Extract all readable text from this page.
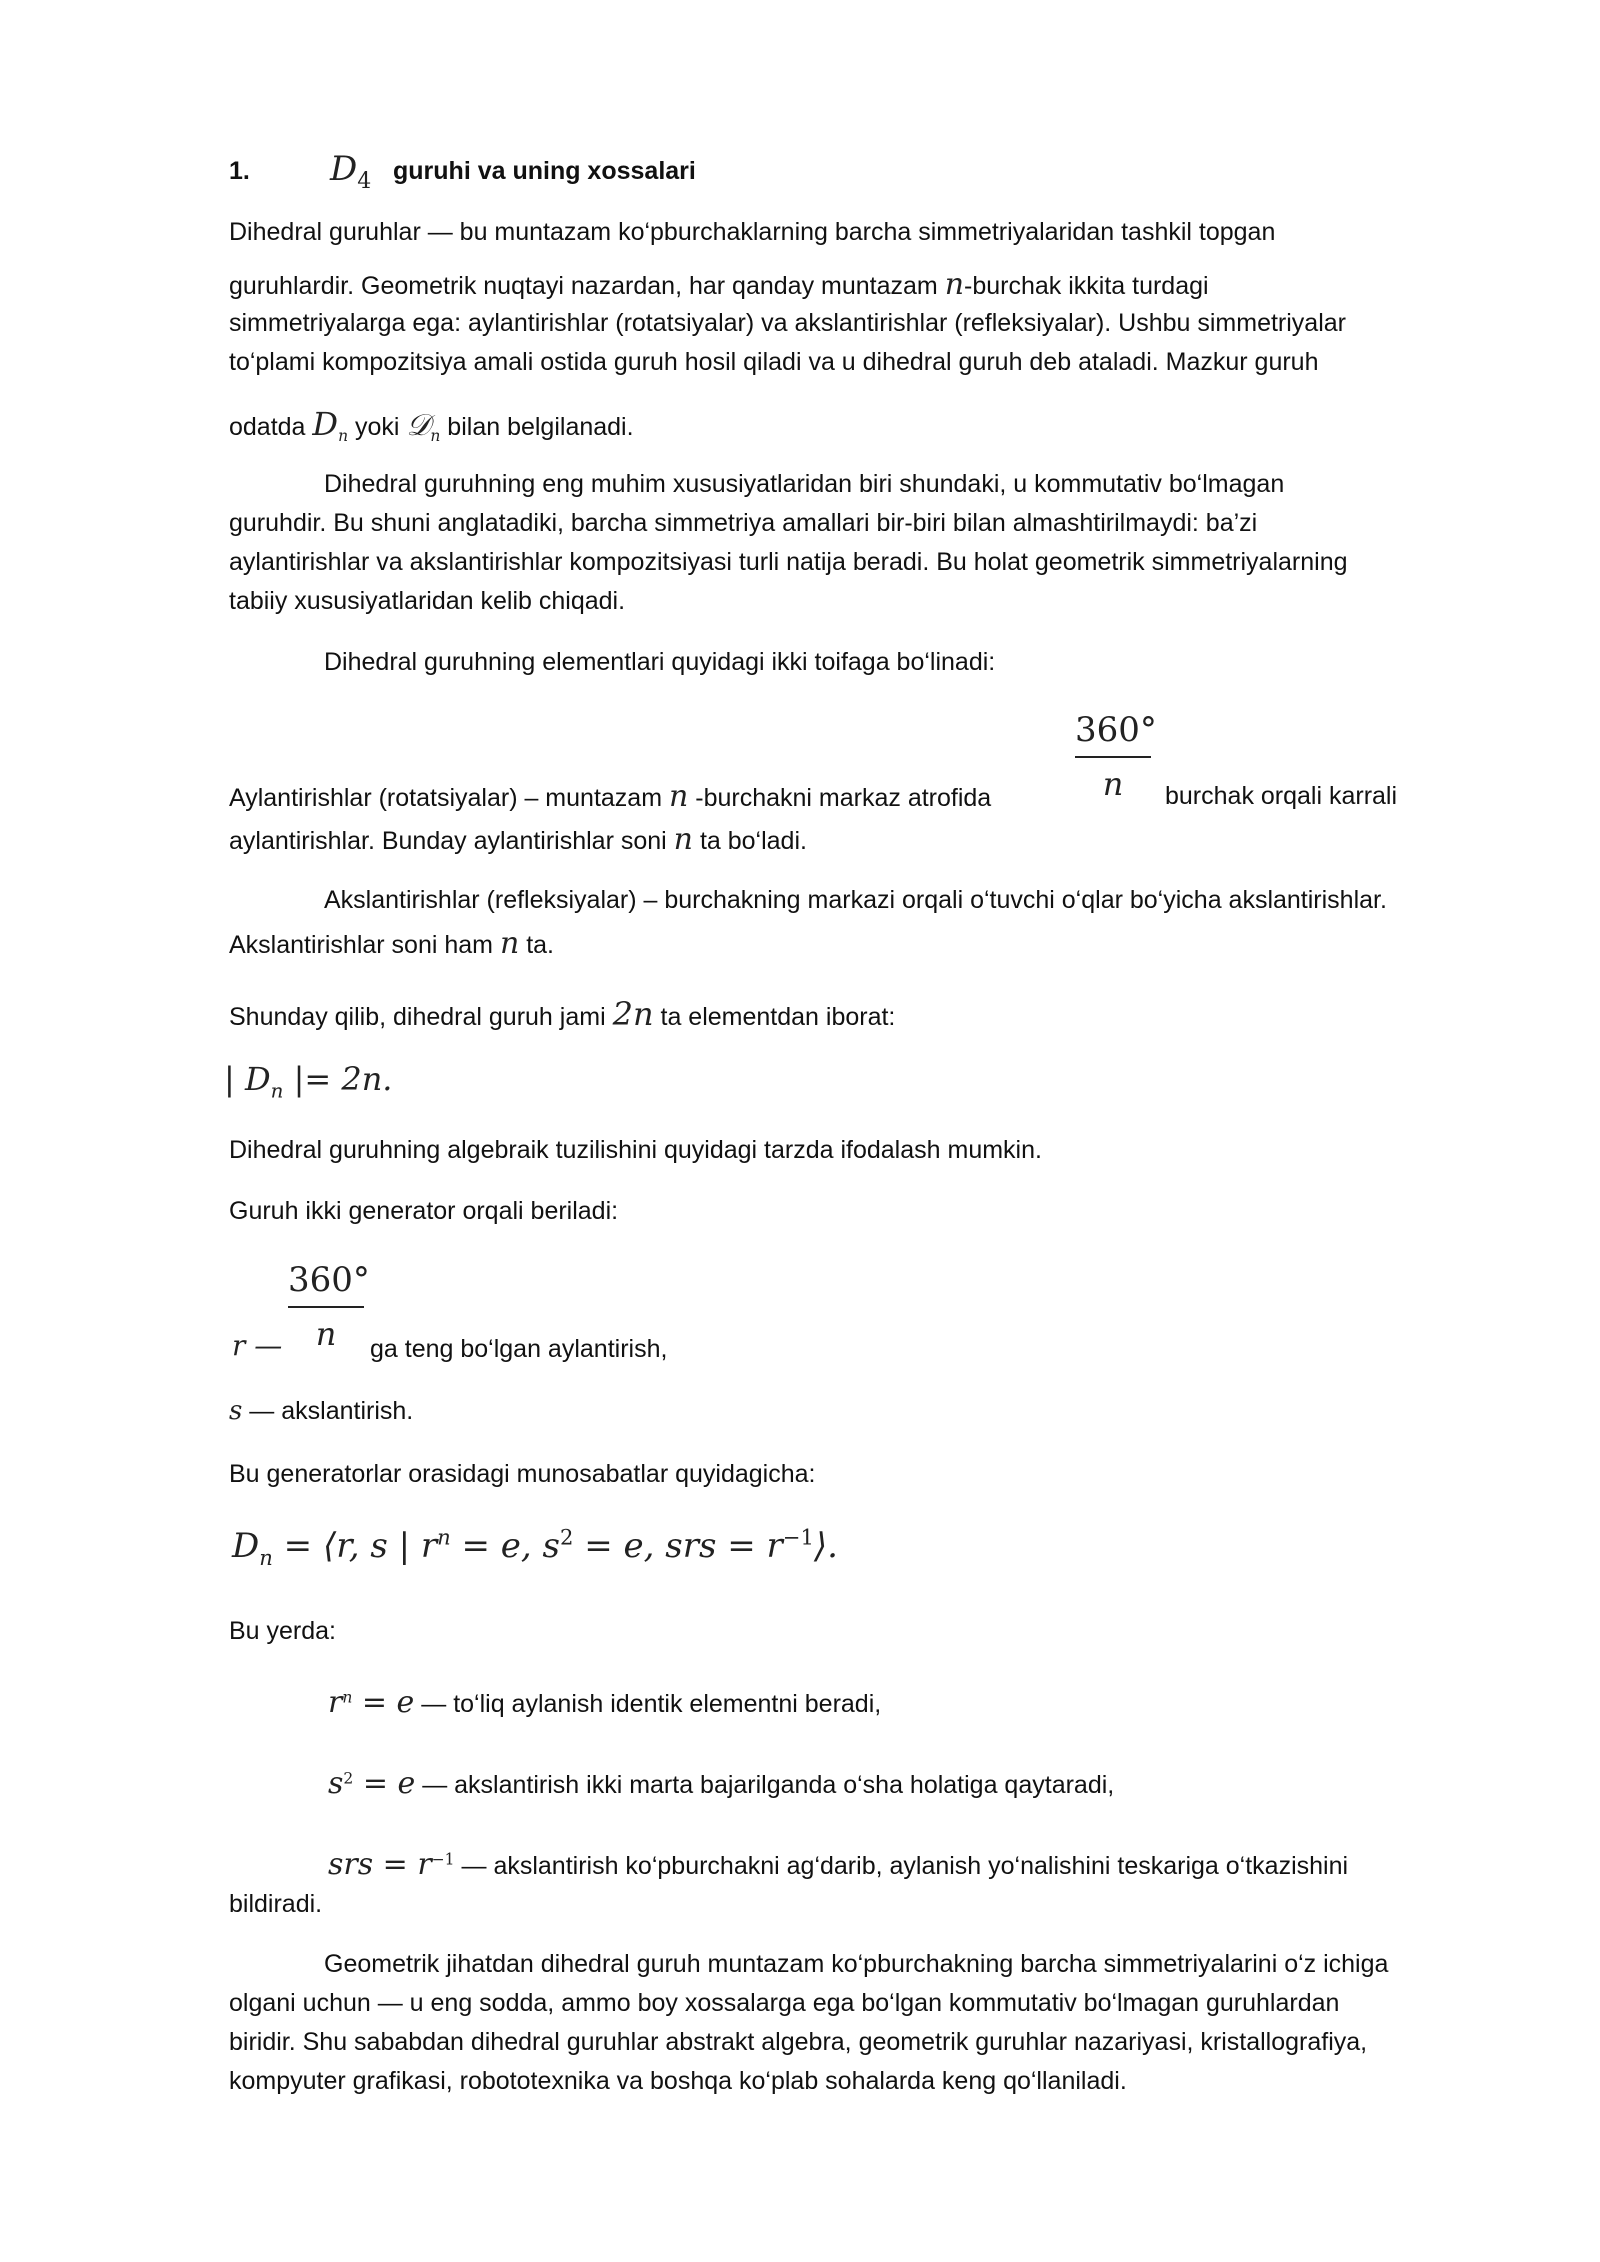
1. $D_4$ guruhi va uning xossalari
Dihedral guruhlar — bu muntazam ko‘pburchaklarning barcha simmetriyalaridan tashkil topgan
guruhlardir. Geometrik nuqtayi nazardan, har qanday muntazam n-burchak ikkita turdagi
simmetriyalarga ega: aylantirishlar (rotatsiyalar) va akslantirishlar (refleksiyalar). Ushbu simmetriyalar
to‘plami kompozitsiya amali ostida guruh hosil qiladi va u dihedral guruh deb ataladi. Mazkur guruh
odatda $D_n$ yoki 𝒟$_n$ bilan belgilanadi.
Dihedral guruhning eng muhim xususiyatlaridan biri shundaki, u kommutativ bo‘lmagan
guruhdir. Bu shuni anglatadiki, barcha simmetriya amallari bir-biri bilan almashtirilmaydi: ba’zi
aylantirishlar va akslantirishlar kompozitsiyasi turli natija beradi. Bu holat geometrik simmetriyalarning
tabiiy xususiyatlaridan kelib chiqadi.
Dihedral guruhning elementlari quyidagi ikki toifaga bo‘linadi:
360°
n
Aylantirishlar (rotatsiyalar) – muntazam n -burchakni markaz atrofida	burchak orqali karrali
aylantirishlar. Bunday aylantirishlar soni n ta bo‘ladi.
Akslantirishlar (refleksiyalar) – burchakning markazi orqali o‘tuvchi o‘qlar bo‘yicha akslantirishlar.
Akslantirishlar soni ham n ta.
Shunday qilib, dihedral guruh jami 2n ta elementdan iborat:
| $D_n$ |= 2n.
Dihedral guruhning algebraik tuzilishini quyidagi tarzda ifodalash mumkin.
Guruh ikki generator orqali beriladi:
360°
n
r —	ga teng bo‘lgan aylantirish,
s — akslantirish.
Bu generatorlar orasidagi munosabatlar quyidagicha:
$D_n$ = ⟨r, s | $r^n = e$, $s^2 = e$, srs = $r^{-1}⟩$.
Bu yerda:
$r^n = e$ — to‘liq aylanish identik elementni beradi,
$s^2 = e$ — akslantirish ikki marta bajarilganda o‘sha holatiga qaytaradi,
srs = $r^{-1}$ — akslantirish ko‘pburchakni ag‘darib, aylanish yo‘nalishini teskariga o‘tkazishini
bildiradi.
Geometrik jihatdan dihedral guruh muntazam ko‘pburchakning barcha simmetriyalarini o‘z ichiga
olgani uchun — u eng sodda, ammo boy xossalarga ega bo‘lgan kommutativ bo‘lmagan guruhlardan
biridir. Shu sababdan dihedral guruhlar abstrakt algebra, geometrik guruhlar nazariyasi, kristallografiya,
kompyuter grafikasi, robototexnika va boshqa ko‘plab sohalarda keng qo‘llaniladi.
